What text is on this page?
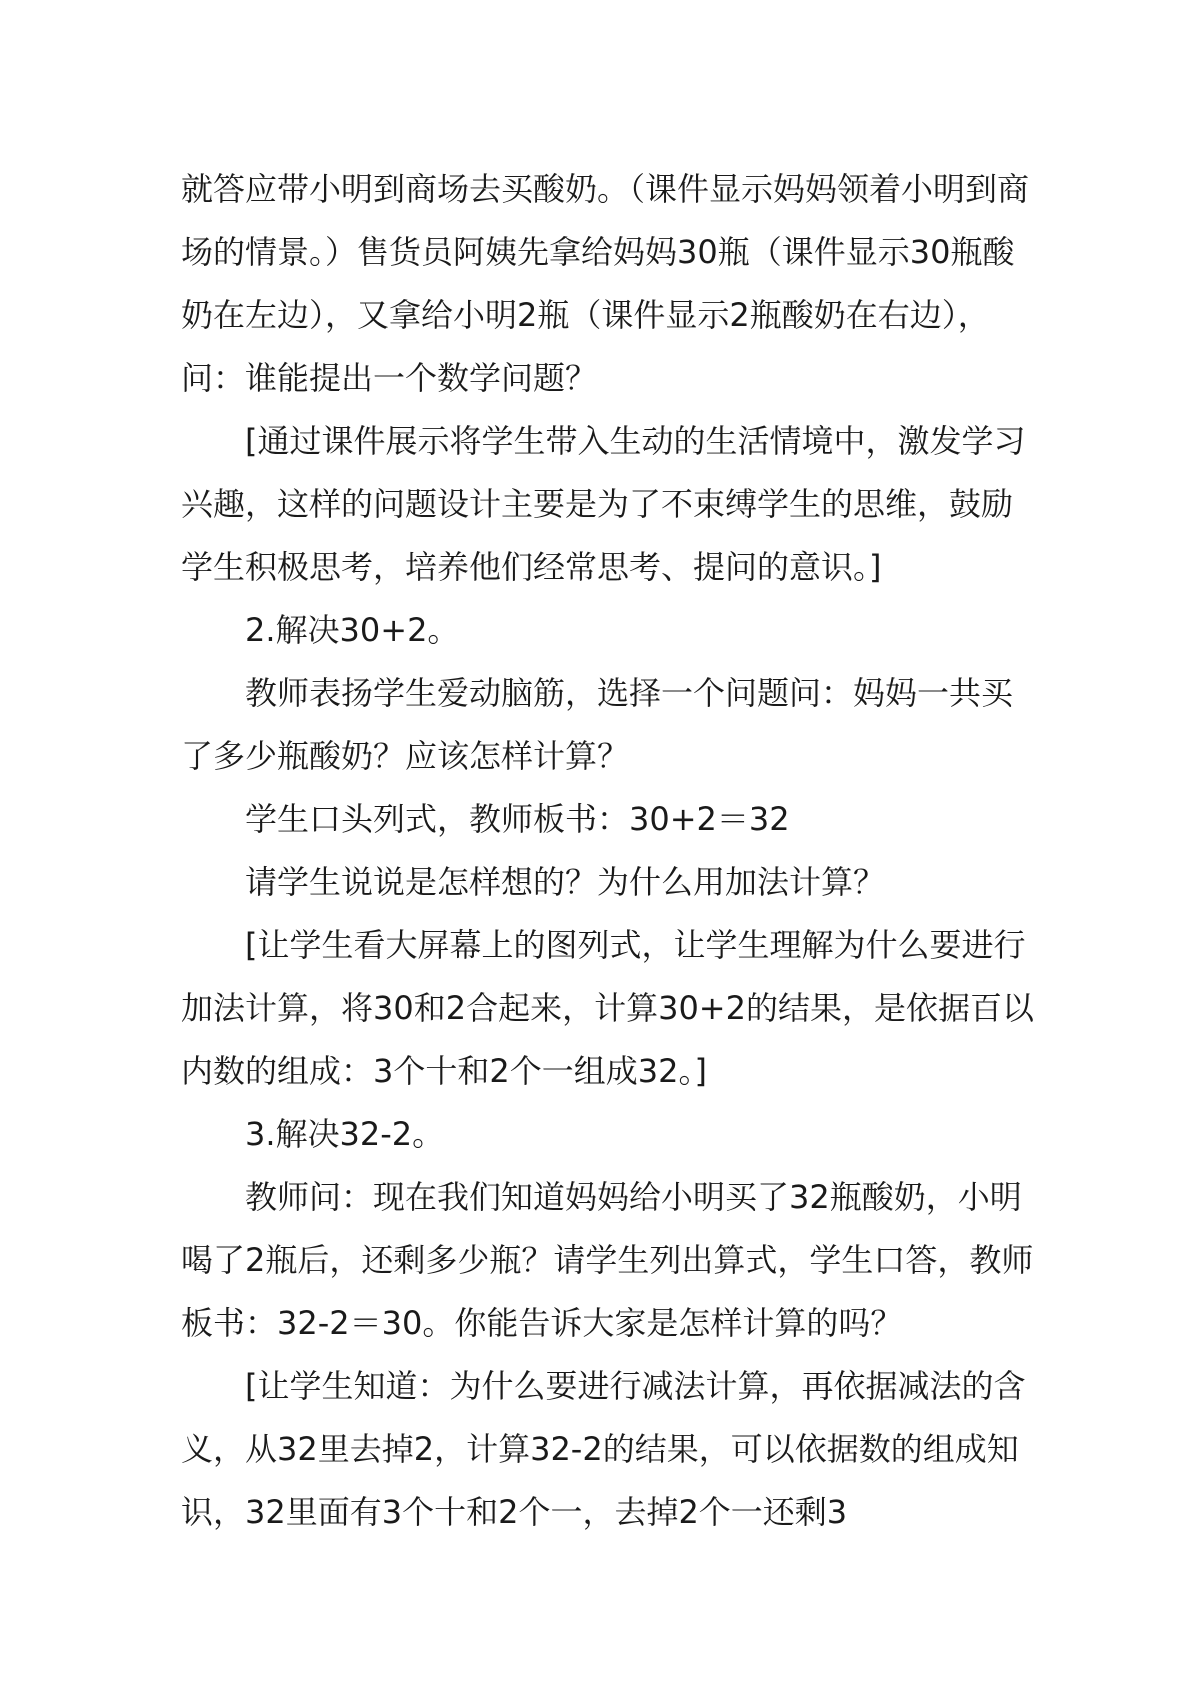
就答应带小明到商场去买酸奶。（课件显示妈妈领着小明到商场的情景。）售货员阿姨先拿给妈妈30瓶（课件显示30瓶酸奶在左边），又拿给小明2瓶（课件显示2瓶酸奶在右边），问：谁能提出一个数学问题？

[通过课件展示将学生带入生动的生活情境中，激发学习兴趣，这样的问题设计主要是为了不束缚学生的思维，鼓励学生积极思考，培养他们经常思考、提问的意识。]

2.解决30+2。

教师表扬学生爱动脑筋，选择一个问题问：妈妈一共买了多少瓶酸奶？应该怎样计算？

学生口头列式，教师板书：30+2＝32

请学生说说是怎样想的？为什么用加法计算？

[让学生看大屏幕上的图列式，让学生理解为什么要进行加法计算，将30和2合起来，计算30+2的结果，是依据百以内数的组成：3个十和2个一组成32。]

3.解决32-2。

教师问：现在我们知道妈妈给小明买了32瓶酸奶，小明喝了2瓶后，还剩多少瓶？请学生列出算式，学生口答，教师板书：32-2＝30。你能告诉大家是怎样计算的吗？

[让学生知道：为什么要进行减法计算，再依据减法的含义，从32里去掉2，计算32-2的结果，可以依据数的组成知识，32里面有3个十和2个一，去掉2个一还剩3
